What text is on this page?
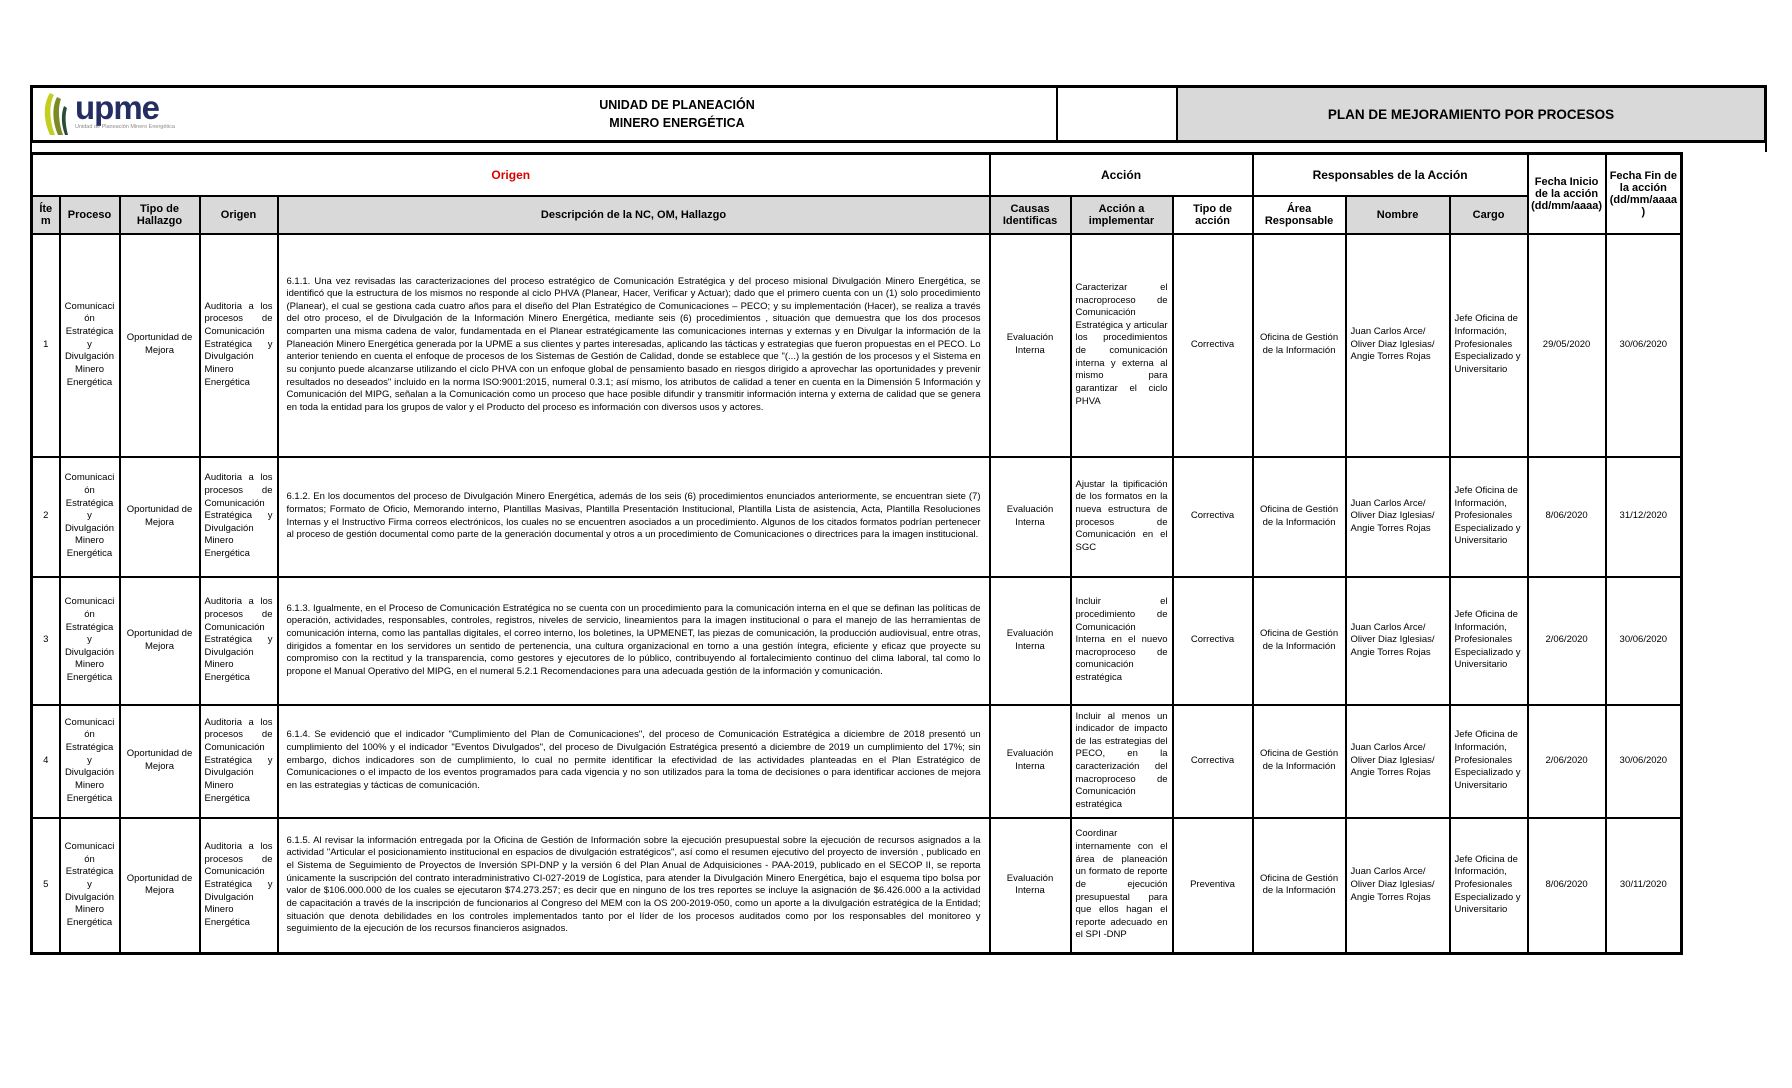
upme
Unidad de Planeación Minero Energética
UNIDAD DE PLANEACIÓN
MINERO ENERGÉTICA
PLAN DE MEJORAMIENTO POR PROCESOS
Origen					Acción			Responsables de la Acción			Fecha Inicio de la acción (dd/mm/aaaa)	Fecha Fin de la acción (dd/mm/aaaa)
Ítem	Proceso	Tipo de Hallazgo	Origen	Descripción de la NC, OM, Hallazgo	Causas Identificas	Acción a implementar	Tipo de acción	Área Responsable	Nombre	Cargo		
1	Comunicación Estratégica y Divulgación Minero Energética	Oportunidad de Mejora	Auditoria a los procesos de Comunicación Estratégica y Divulgación Minero Energética	6.1.1. Una vez revisadas las caracterizaciones del proceso estratégico de Comunicación Estratégica y del proceso misional Divulgación Minero Energética, se identificó que la estructura de los mismos no responde al ciclo PHVA (Planear, Hacer, Verificar y Actuar); dado que el primero cuenta con un (1) solo procedimiento (Planear), el cual se gestiona cada cuatro años para el diseño del Plan Estratégico de Comunicaciones – PECO; y su implementación (Hacer), se realiza a través del otro proceso, el de Divulgación de la Información Minero Energética, mediante seis (6) procedimientos , situación que demuestra que los dos procesos comparten una misma cadena de valor, fundamentada en el Planear estratégicamente las comunicaciones internas y externas y en Divulgar la información de la Planeación Minero Energética generada por la UPME a sus clientes y partes interesadas, aplicando las tácticas y estrategias que fueron propuestas en el PECO. Lo anterior teniendo en cuenta el enfoque de procesos de los Sistemas de Gestión de Calidad, donde se establece que "(...) la gestión de los procesos y el Sistema en su conjunto puede alcanzarse utilizando el ciclo PHVA con un enfoque global de pensamiento basado en riesgos dirigido a aprovechar las oportunidades y prevenir resultados no deseados" incluido en la norma ISO:9001:2015, numeral 0.3.1; así mismo, los atributos de calidad a tener en cuenta en la Dimensión 5 Información y Comunicación del MIPG, señalan a la Comunicación como un proceso que hace posible difundir y transmitir información interna y externa de calidad que se genera en toda la entidad para los grupos de valor y el Producto del proceso es información con diversos usos y actores.	Evaluación Interna	Caracterizar el macroproceso de Comunicación Estratégica y articular los procedimientos de comunicación interna y externa al mismo para garantizar el ciclo PHVA	Correctiva	Oficina de Gestión de la Información	Juan Carlos Arce/ Oliver Diaz Iglesias/ Angie Torres Rojas	Jefe Oficina de Información, Profesionales Especializado y Universitario	29/05/2020	30/06/2020
2	Comunicación Estratégica y Divulgación Minero Energética	Oportunidad de Mejora	Auditoria a los procesos de Comunicación Estratégica y Divulgación Minero Energética	6.1.2. En los documentos del proceso de Divulgación Minero Energética, además de los seis (6) procedimientos enunciados anteriormente, se encuentran siete (7) formatos; Formato de Oficio, Memorando interno, Plantillas Masivas, Plantilla Presentación Institucional, Plantilla Lista de asistencia, Acta, Plantilla Resoluciones Internas y el Instructivo Firma correos electrónicos, los cuales no se encuentren asociados a un procedimiento. Algunos de los citados formatos podrían pertenecer al proceso de gestión documental como parte de la generación documental y otros a un procedimiento de Comunicaciones o directrices para la imagen institucional.	Evaluación Interna	Ajustar la tipificación de los formatos en la nueva estructura de procesos de Comunicación en el SGC	Correctiva	Oficina de Gestión de la Información	Juan Carlos Arce/ Oliver Diaz Iglesias/ Angie Torres Rojas	Jefe Oficina de Información, Profesionales Especializado y Universitario	8/06/2020	31/12/2020
3	Comunicación Estratégica y Divulgación Minero Energética	Oportunidad de Mejora	Auditoria a los procesos de Comunicación Estratégica y Divulgación Minero Energética	6.1.3. Igualmente, en el Proceso de Comunicación Estratégica no se cuenta con un procedimiento para la comunicación interna en el que se definan las políticas de operación, actividades, responsables, controles, registros, niveles de servicio, lineamientos para la imagen institucional o para el manejo de las herramientas de comunicación interna, como las pantallas digitales, el correo interno, los boletines, la UPMENET, las piezas de comunicación, la producción audiovisual, entre otras, dirigidos a fomentar en los servidores un sentido de pertenencia, una cultura organizacional en torno a una gestión íntegra, eficiente y eficaz que proyecte su compromiso con la rectitud y la transparencia, como gestores y ejecutores de lo público, contribuyendo al fortalecimiento continuo del clima laboral, tal como lo propone el Manual Operativo del MIPG, en el numeral 5.2.1 Recomendaciones para una adecuada gestión de la información y comunicación.	Evaluación Interna	Incluir el procedimiento de Comunicación Interna en el nuevo macroproceso de comunicación estratégica	Correctiva	Oficina de Gestión de la Información	Juan Carlos Arce/ Oliver Diaz Iglesias/ Angie Torres Rojas	Jefe Oficina de Información, Profesionales Especializado y Universitario	2/06/2020	30/06/2020
4	Comunicación Estratégica y Divulgación Minero Energética	Oportunidad de Mejora	Auditoria a los procesos de Comunicación Estratégica y Divulgación Minero Energética	6.1.4. Se evidenció que el indicador "Cumplimiento del Plan de Comunicaciones", del proceso de Comunicación Estratégica a diciembre de 2018 presentó un cumplimiento del 100% y el indicador "Eventos Divulgados", del proceso de Divulgación Estratégica presentó a diciembre de 2019 un cumplimiento del 17%; sin embargo, dichos indicadores son de cumplimiento, lo cual no permite identificar la efectividad de las actividades planteadas en el Plan Estratégico de Comunicaciones o el impacto de los eventos programados para cada vigencia y no son utilizados para la toma de decisiones o para identificar acciones de mejora en las estrategias y tácticas de comunicación.	Evaluación Interna	Incluir al menos un indicador de impacto de las estrategias del PECO, en la caracterización del macroproceso de Comunicación estratégica	Correctiva	Oficina de Gestión de la Información	Juan Carlos Arce/ Oliver Diaz Iglesias/ Angie Torres Rojas	Jefe Oficina de Información, Profesionales Especializado y Universitario	2/06/2020	30/06/2020
5	Comunicación Estratégica y Divulgación Minero Energética	Oportunidad de Mejora	Auditoria a los procesos de Comunicación Estratégica y Divulgación Minero Energética	6.1.5. Al revisar la información entregada por la Oficina de Gestión de Información sobre la ejecución presupuestal sobre la ejecución de recursos asignados a la actividad "Articular el posicionamiento institucional en espacios de divulgación estratégicos", así como el resumen ejecutivo del proyecto de inversión , publicado en el Sistema de Seguimiento de Proyectos de Inversión SPI-DNP y la versión 6 del Plan Anual de Adquisiciones - PAA-2019, publicado en el SECOP II, se reporta únicamente la suscripción del contrato interadministrativo CI-027-2019 de Logística, para atender la Divulgación Minero Energética, bajo el esquema tipo bolsa por valor de $106.000.000 de los cuales se ejecutaron $74.273.257; es decir que en ninguno de los tres reportes se incluye la asignación de $6.426.000 a la actividad de capacitación a través de la inscripción de funcionarios al Congreso del MEM con la OS 200-2019-050, como un aporte a la divulgación estratégica de la Entidad; situación que denota debilidades en los controles implementados tanto por el líder de los procesos auditados como por los responsables del monitoreo y seguimiento de la ejecución de los recursos financieros asignados.	Evaluación Interna	Coordinar internamente con el área de planeación un formato de reporte de ejecución presupuestal para que ellos hagan el reporte adecuado en el SPI -DNP	Preventiva	Oficina de Gestión de la Información	Juan Carlos Arce/ Oliver Diaz Iglesias/ Angie Torres Rojas	Jefe Oficina de Información, Profesionales Especializado y Universitario	8/06/2020	30/11/2020
